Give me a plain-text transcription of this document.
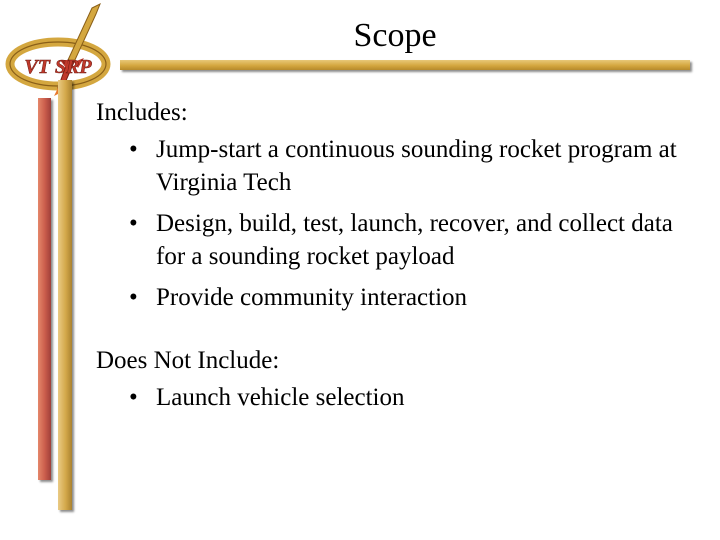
VT SRP
Scope
Includes:
• Jump-start a continuous sounding rocket program at Virginia Tech
• Design, build, test, launch, recover, and collect data for a sounding rocket payload
• Provide community interaction
Does Not Include:
• Launch vehicle selection
